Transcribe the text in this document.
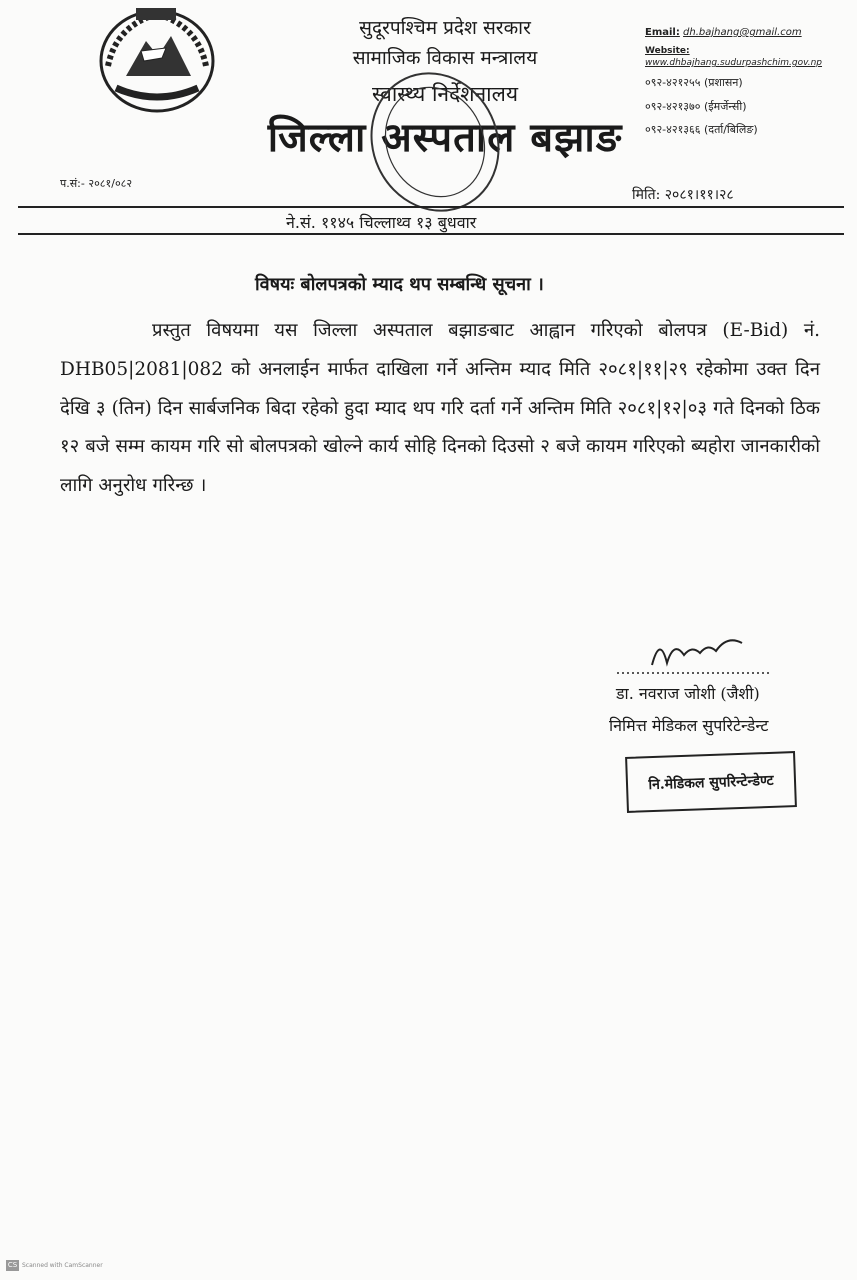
सुदूरपश्चिम प्रदेश सरकार
सामाजिक विकास मन्त्रालय
स्वास्थ्य निर्देशनालय
जिल्ला अस्पताल बझाङ
Email: dh.bajhang@gmail.com
Website:
www.dhbajhang.sudurpashchim.gov.np
०९२-४२१२५५ (प्रशासन)
०९२-४२१३७० (ईमर्जेन्सी)
०९२-४२१३६६ (दर्ता/बिलिङ)
प.सं:- २०८१/०८२
मिति: २०८१।११।२८
ने.सं. ११४५ चिल्लाथ्व १३ बुधवार
विषयः बोलपत्रको म्याद थप सम्बन्धि सूचना ।
प्रस्तुत विषयमा यस जिल्ला अस्पताल बझाङबाट आह्वान गरिएको बोलपत्र (E-Bid) नं. DHB05|2081|082 को अनलाईन मार्फत दाखिला गर्ने अन्तिम म्याद मिति २०८१|११|२९ रहेकोमा उक्त दिन देखि ३ (तिन) दिन सार्बजनिक बिदा रहेको हुदा म्याद थप गरि दर्ता गर्ने अन्तिम मिति २०८१|१२|०३ गते दिनको ठिक १२ बजे सम्म कायम गरि सो बोलपत्रको खोल्ने कार्य सोहि दिनको दिउसो २ बजे कायम गरिएको ब्यहोरा जानकारीको लागि अनुरोध गरिन्छ ।
डा. नवराज जोशी (जैशी)
निमित्त मेडिकल सुपरिटेन्डेन्ट
नि.मेडिकल सुपरिन्टेन्डेण्ट
CS Scanned with CamScanner
